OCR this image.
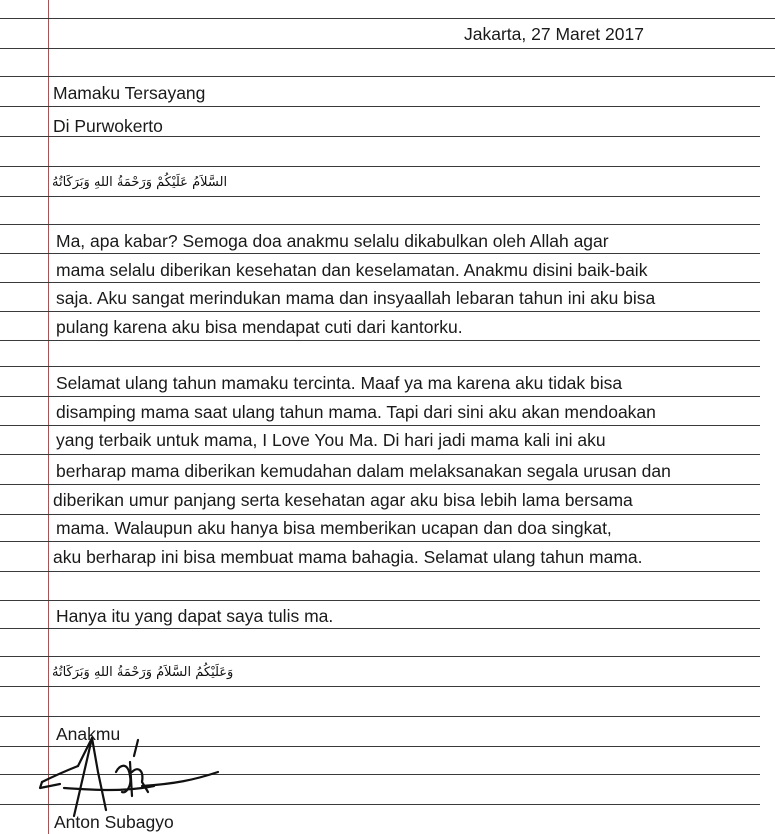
Jakarta, 27 Maret 2017
Mamaku Tersayang
Di Purwokerto
السَّلاَمُ عَلَيْكُمْ وَرَحْمَةُ اللهِ وَبَرَكَاتُهُ
Ma, apa kabar? Semoga doa anakmu selalu dikabulkan oleh Allah agar
mama selalu diberikan kesehatan dan keselamatan. Anakmu disini baik-baik
saja. Aku sangat merindukan mama dan insyaallah lebaran tahun ini aku bisa
pulang karena aku bisa mendapat cuti dari kantorku.
Selamat ulang tahun mamaku tercinta. Maaf ya ma karena aku tidak bisa
disamping mama saat ulang tahun mama. Tapi dari sini aku akan mendoakan
yang terbaik untuk mama, I Love You Ma. Di hari jadi mama kali ini aku
berharap mama diberikan kemudahan dalam melaksanakan segala urusan dan
diberikan umur panjang serta kesehatan agar aku bisa lebih lama bersama
mama. Walaupun aku hanya bisa memberikan ucapan dan doa singkat,
aku berharap ini bisa membuat mama bahagia. Selamat ulang tahun mama.
Hanya itu yang dapat saya tulis ma.
وَعَلَيْكُمُ السَّلاَمُ وَرَحْمَةُ اللهِ وَبَرَكَاتُهُ
Anakmu
Anton Subagyo
